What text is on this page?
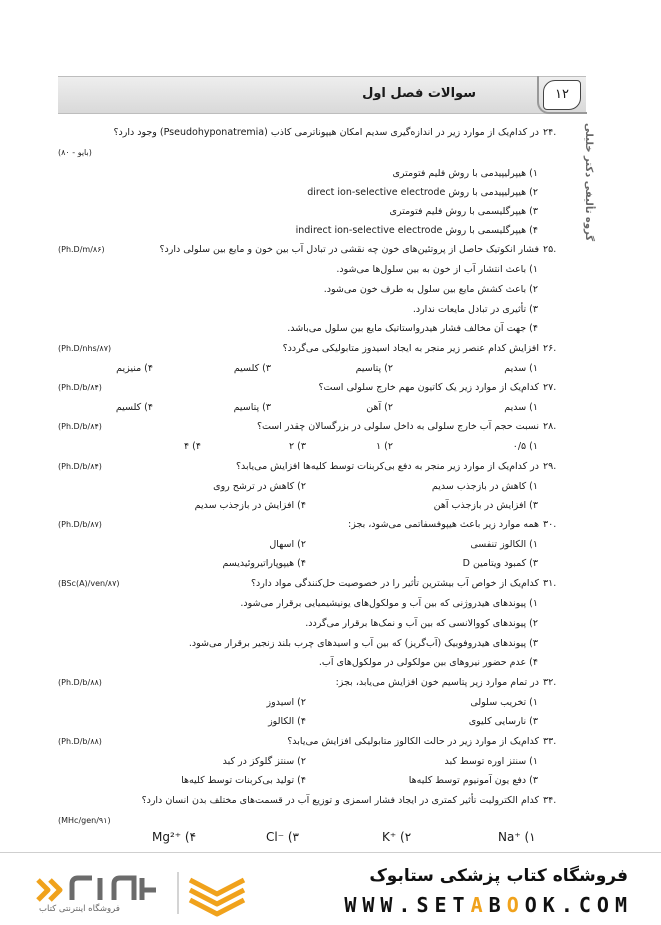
سوالات فصل اول	۱۲
گروه تألیفی دکتر خلیلی
۲۴.
در کدام‌یک از موارد زیر در اندازه‌گیری سدیم امکان هیپوناترمی کاذب (Pseudohyponatremia) وجود دارد؟
(۸۰ - بایو)
۱) هیپرلیپیدمی با روش فلیم فتومتری
۲) هیپرلیپیدمی با روش direct ion-selective electrode
۳) هیپرگلیسمی با روش فلیم فتومتری
۴) هیپرگلیسمی با روش indirect ion-selective electrode
۲۵.
فشار انکوتیک حاصل از پروتئین‌های خون چه نقشی در تبادل آب بین خون و مایع بین سلولی دارد؟
(Ph.D/m/۸۶)
۱) باعث انتشار آب از خون به بین سلول‌ها می‌شود.
۲) باعث کشش مایع بین سلول به طرف خون می‌شود.
۳) تأثیری در تبادل مایعات ندارد.
۴) جهت آن مخالف فشار هیدرواستاتیک مایع بین سلول می‌باشد.
۲۶.
افزایش کدام عنصر زیر منجر به ایجاد اسیدوز متابولیکی می‌گردد؟
(Ph.D/nhs/۸۷)
۱) سدیم
۲) پتاسیم
۳) کلسیم
۴) منیزیم
۲۷.
کدام‌یک از موارد زیر یک کاتیون مهم خارج سلولی است؟
(Ph.D/b/۸۴)
۱) سدیم
۲) آهن
۳) پتاسیم
۴) کلسیم
۲۸.
نسبت حجم آب خارج سلولی به داخل سلولی در بزرگسالان چقدر است؟
(Ph.D/b/۸۴)
۱) ۰/۵
۲) ۱
۳) ۲
۴) ۴
۲۹.
در کدام‌یک از موارد زیر منجر به دفع بی‌کربنات توسط کلیه‌ها افزایش می‌یابد؟
(Ph.D/b/۸۴)
۱) کاهش در بازجذب سدیم
۲) کاهش در ترشح روی
۳) افزایش در بازجذب آهن
۴) افزایش در بازجذب سدیم
۳۰.
همه موارد زیر باعث هیپوفسفاتمی می‌شود، بجز:
(Ph.D/b/۸۷)
۱) الکالوز تنفسی
۲) اسهال
۳) کمبود ویتامین D
۴) هیپوپاراتیروئیدیسم
۳۱.
کدام‌یک از خواص آب بیشترین تأثیر را در خصوصیت حل‌کنندگی مواد دارد؟
(BSc(A)/ven/۸۷)
۱) پیوندهای هیدروژنی که بین آب و مولکول‌های یونیشیمیایی برقرار می‌شود.
۲) پیوندهای کووالانسی که بین آب و نمک‌ها برقرار می‌گردد.
۳) پیوندهای هیدروفوبیک (آب‌گریز) که بین آب و اسیدهای چرب بلند زنجیر برقرار می‌شود.
۴) عدم حضور نیروهای بین مولکولی در مولکول‌های آب.
۳۲.
در تمام موارد زیر پتاسیم خون افزایش می‌یابد، بجز:
(Ph.D/b/۸۸)
۱) تخریب سلولی
۲) اسیدوز
۳) نارسایی کلیوی
۴) الکالوز
۳۳.
کدام‌یک از موارد زیر در حالت الکالوز متابولیکی افزایش می‌یابد؟
(Ph.D/b/۸۸)
۱) سنتز اوره توسط کبد
۲) سنتز گلوکز در کبد
۳) دفع یون آمونیوم توسط کلیه‌ها
۴) تولید بی‌کربنات توسط کلیه‌ها
۳۴.
کدام الکترولیت تأثیر کمتری در ایجاد فشار اسمزی و توزیع آب در قسمت‌های مختلف بدن انسان دارد؟
(MHc/gen/۹۱)
Na⁺ (۱
K⁺ (۲
Cl⁻ (۳
Mg²⁺ (۴
فروشگاه اینترنتی کتاب
فروشگاه کتاب پزشکی ستابوک
WWW.SETABOOK.COM
